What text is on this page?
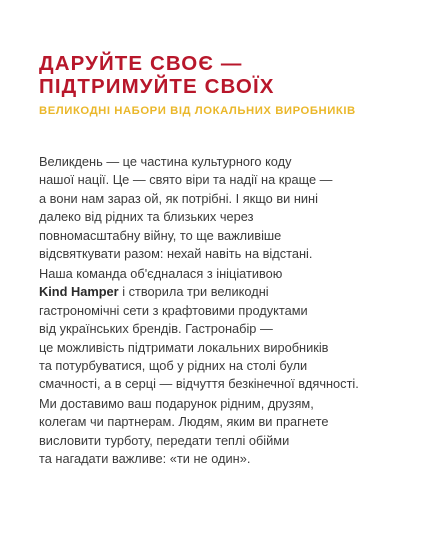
ДАРУЙТЕ СВОЄ —
ПІДТРИМУЙТЕ СВОЇХ

ВЕЛИКОДНІ НАБОРИ ВІД ЛОКАЛЬНИХ ВИРОБНИКІВ

Великдень — це частина культурного коду
нашої нації. Це — свято віри та надії на краще —
а вони нам зараз ой, як потрібні. І якщо ви нині
далеко від рідних та близьких через
повномасштабну війну, то ще важливіше
відсвяткувати разом: нехай навіть на відстані.

Наша команда об'єдналася з ініціативою
Kind Hamper і створила три великодні
гастрономічні сети з крафтовими продуктами
від українських брендів. Гастронабір —
це можливість підтримати локальних виробників
та потурбуватися, щоб у рідних на столі були
смачності, а в серці — відчуття безкінечної вдячності.

Ми доставимо ваш подарунок рідним, друзям,
колегам чи партнерам. Людям, яким ви прагнете
висловити турботу, передати теплі обійми
та нагадати важливе: «ти не один».
